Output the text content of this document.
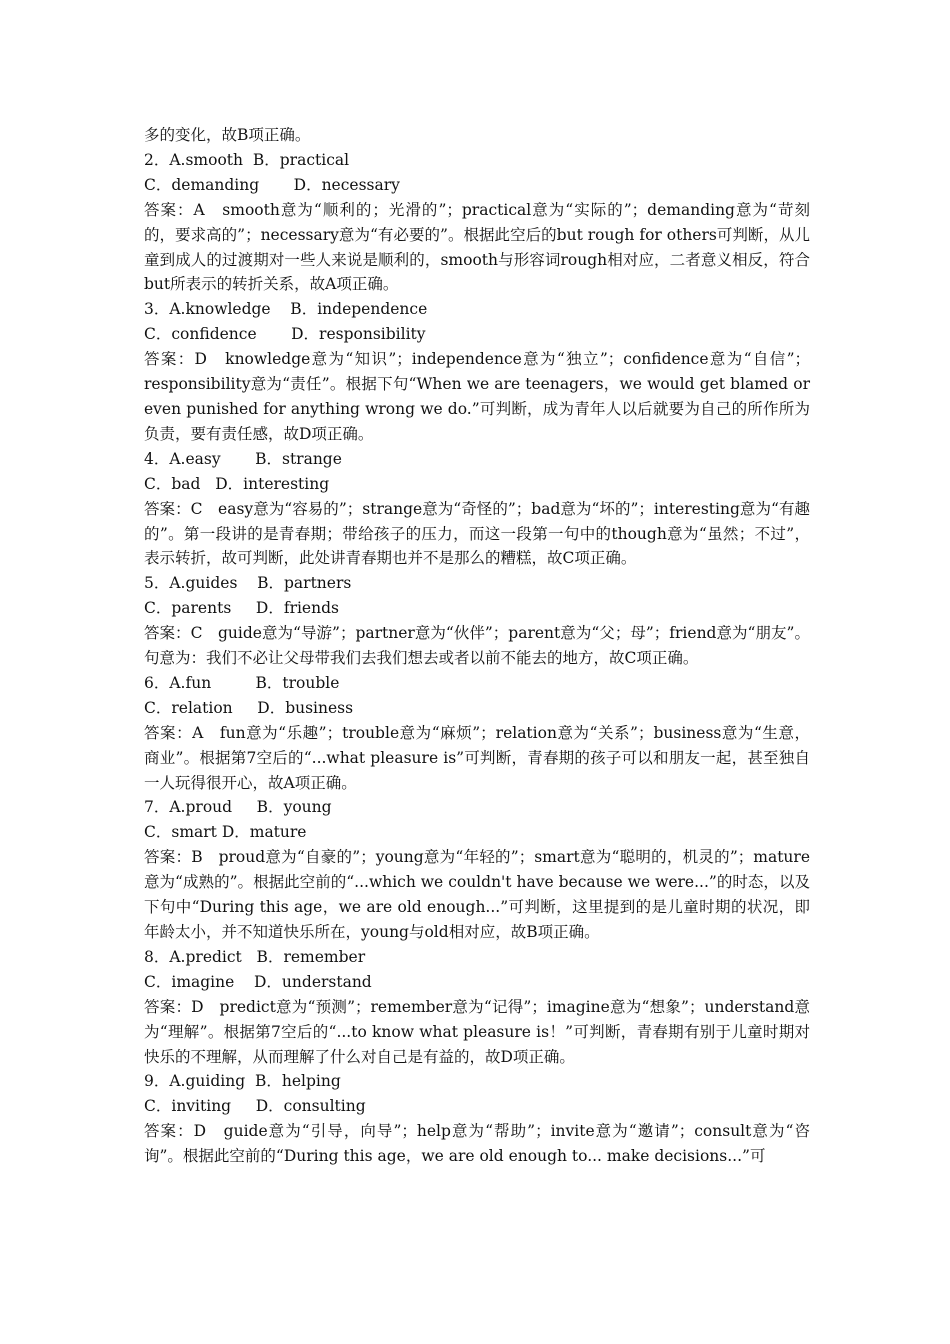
多的变化，故B项正确。

2．A.smooth  B．practical

C．demanding       D．necessary

答案：A　smooth意为“顺利的；光滑的”；practical意为“实际的”；demanding意为“苛刻的，要求高的”；necessary意为“有必要的”。根据此空后的but rough for others可判断，从儿童到成人的过渡期对一些人来说是顺利的，smooth与形容词rough相对应，二者意义相反，符合but所表示的转折关系，故A项正确。

3．A.knowledge    B．independence

C．confidence       D．responsibility

答案：D　knowledge意为“知识”；independence意为“独立”；confidence意为“自信”；responsibility意为“责任”。根据下句“When we are teenagers，we would get blamed or even punished for anything wrong we do.”可判断，成为青年人以后就要为自己的所作所为负责，要有责任感，故D项正确。

4．A.easy       B．strange

C．bad   D．interesting

答案：C　easy意为“容易的”；strange意为“奇怪的”；bad意为“坏的”；interesting意为“有趣的”。第一段讲的是青春期；带给孩子的压力，而这一段第一句中的though意为“虽然；不过”，表示转折，故可判断，此处讲青春期也并不是那么的糟糕，故C项正确。

5．A.guides    B．partners

C．parents     D．friends

答案：C　guide意为“导游”；partner意为“伙伴”；parent意为“父；母”；friend意为“朋友”。句意为：我们不必让父母带我们去我们想去或者以前不能去的地方，故C项正确。

6．A.fun         B．trouble

C．relation     D．business

答案：A　fun意为“乐趣”；trouble意为“麻烦”；relation意为“关系”；business意为“生意，商业”。根据第7空后的“...what pleasure is”可判断，青春期的孩子可以和朋友一起，甚至独自一人玩得很开心，故A项正确。

7．A.proud     B．young

C．smart D．mature

答案：B　proud意为“自豪的”；young意为“年轻的”；smart意为“聪明的，机灵的”；mature意为“成熟的”。根据此空前的“...which we couldn't have because we were...”的时态，以及下句中“During this age，we are old enough...”可判断，这里提到的是儿童时期的状况，即年龄太小，并不知道快乐所在，young与old相对应，故B项正确。

8．A.predict   B．remember

C．imagine    D．understand

答案：D　predict意为“预测”；remember意为“记得”；imagine意为“想象”；understand意为“理解”。根据第7空后的“...to know what pleasure is！”可判断，青春期有别于儿童时期对快乐的不理解，从而理解了什么对自己是有益的，故D项正确。

9．A.guiding  B．helping

C．inviting     D．consulting

答案：D　guide意为“引导，向导”；help意为“帮助”；invite意为“邀请”；consult意为“咨询”。根据此空前的“During this age，we are old enough to... make decisions...”可
